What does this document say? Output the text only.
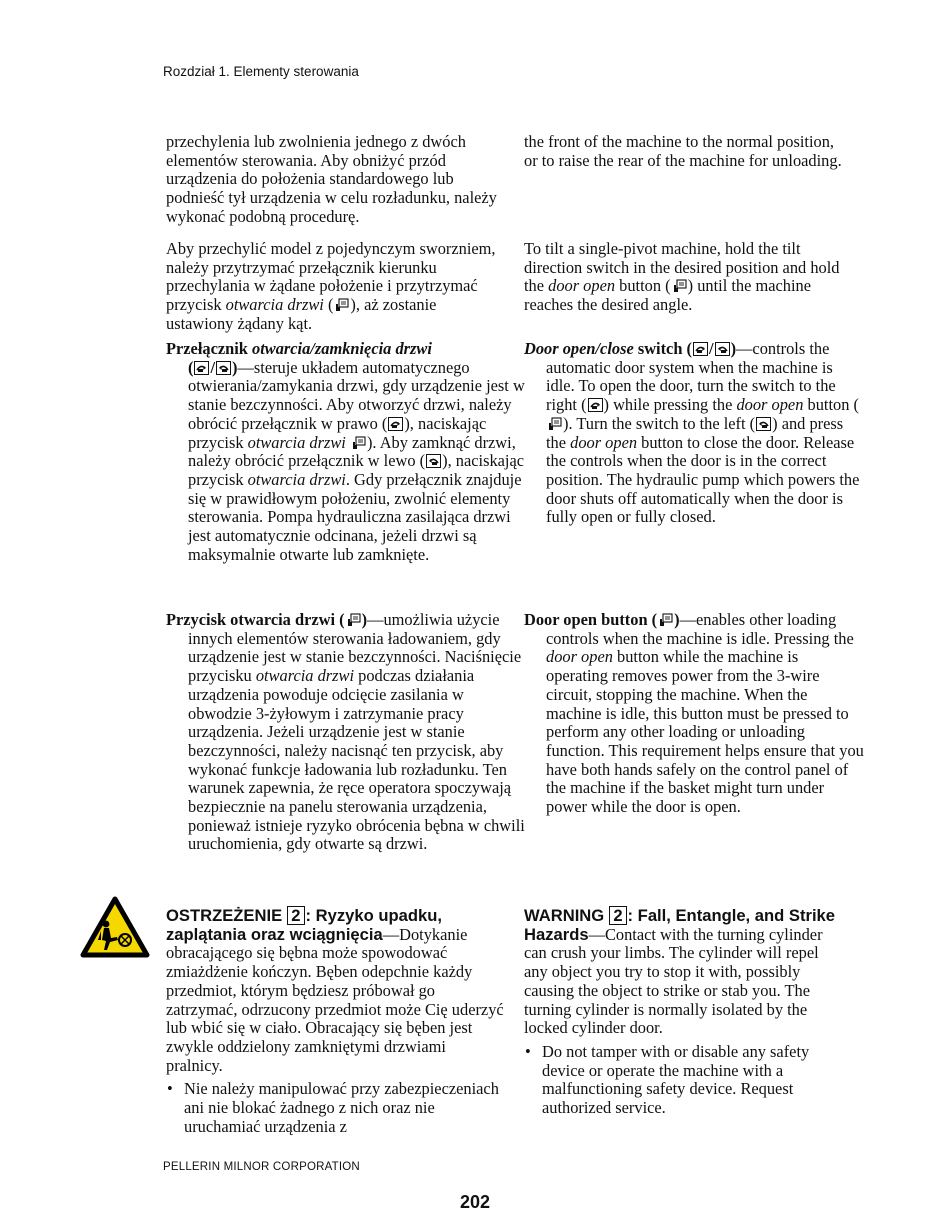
Rozdział 1. Elementy sterowania

przechylenia lub zwolnienia jednego z dwóch elementów sterowania. Aby obniżyć przód urządzenia do położenia standardowego lub podnieść tył urządzenia w celu rozładunku, należy wykonać podobną procedurę.

the front of the machine to the normal position, or to raise the rear of the machine for unloading.

Aby przechylić model z pojedynczym sworzniem, należy przytrzymać przełącznik kierunku przechylania w żądane położenie i przytrzymać przycisk otwarcia drzwi ( ), aż zostanie ustawiony żądany kąt.

To tilt a single-pivot machine, hold the tilt direction switch in the desired position and hold the door open button ( ) until the machine reaches the desired angle.

Przełącznik otwarcia/zamknięcia drzwi
( / )—steruje układem automatycznego otwierania/zamykania drzwi, gdy urządzenie jest w stanie bezczynności. Aby otworzyć drzwi, należy obrócić przełącznik w prawo ( ), naciskając przycisk otwarcia drzwi ). Aby zamknąć drzwi, należy obrócić przełącznik w lewo ( ), naciskając przycisk otwarcia drzwi. Gdy przełącznik znajduje się w prawidłowym położeniu, zwolnić elementy sterowania. Pompa hydrauliczna zasilająca drzwi jest automatycznie odcinana, jeżeli drzwi są maksymalnie otwarte lub zamknięte.

Door open/close switch ( / )—controls the automatic door system when the machine is idle. To open the door, turn the switch to the right ( ) while pressing the door open button (
). Turn the switch to the left ( ) and press the door open button to close the door. Release the controls when the door is in the correct position. The hydraulic pump which powers the door shuts off automatically when the door is fully open or fully closed.

Przycisk otwarcia drzwi ( )—umożliwia użycie innych elementów sterowania ładowaniem, gdy urządzenie jest w stanie bezczynności. Naciśnięcie przycisku otwarcia drzwi podczas działania urządzenia powoduje odcięcie zasilania w obwodzie 3-żyłowym i zatrzymanie pracy urządzenia. Jeżeli urządzenie jest w stanie bezczynności, należy nacisnąć ten przycisk, aby wykonać funkcje ładowania lub rozładunku. Ten warunek zapewnia, że ręce operatora spoczywają bezpiecznie na panelu sterowania urządzenia, ponieważ istnieje ryzyko obrócenia bębna w chwili uruchomienia, gdy otwarte są drzwi.

Door open button ( )—enables other loading controls when the machine is idle. Pressing the door open button while the machine is operating removes power from the 3-wire circuit, stopping the machine. When the machine is idle, this button must be pressed to perform any other loading or unloading function. This requirement helps ensure that you have both hands safely on the control panel of the machine if the basket might turn under power while the door is open.

OSTRZEŻENIE 2 : Ryzyko upadku, zaplątania oraz wciągnięcia—Dotykanie obracającego się bębna może spowodować zmiażdżenie kończyn. Bęben odepchnie każdy przedmiot, którym będziesz próbował go zatrzymać, odrzucony przedmiot może Cię uderzyć lub wbić się w ciało. Obracający się bęben jest zwykle oddzielony zamkniętymi drzwiami pralnicy.
• Nie należy manipulować przy zabezpieczeniach ani nie blokać żadnego z nich oraz nie uruchamiać urządzenia z
WARNING 2 : Fall, Entangle, and Strike Hazards—Contact with the turning cylinder can crush your limbs. The cylinder will repel any object you try to stop it with, possibly causing the object to strike or stab you. The turning cylinder is normally isolated by the locked cylinder door.
• Do not tamper with or disable any safety device or operate the machine with a malfunctioning safety device. Request authorized service.
PELLERIN MILNOR CORPORATION
202
